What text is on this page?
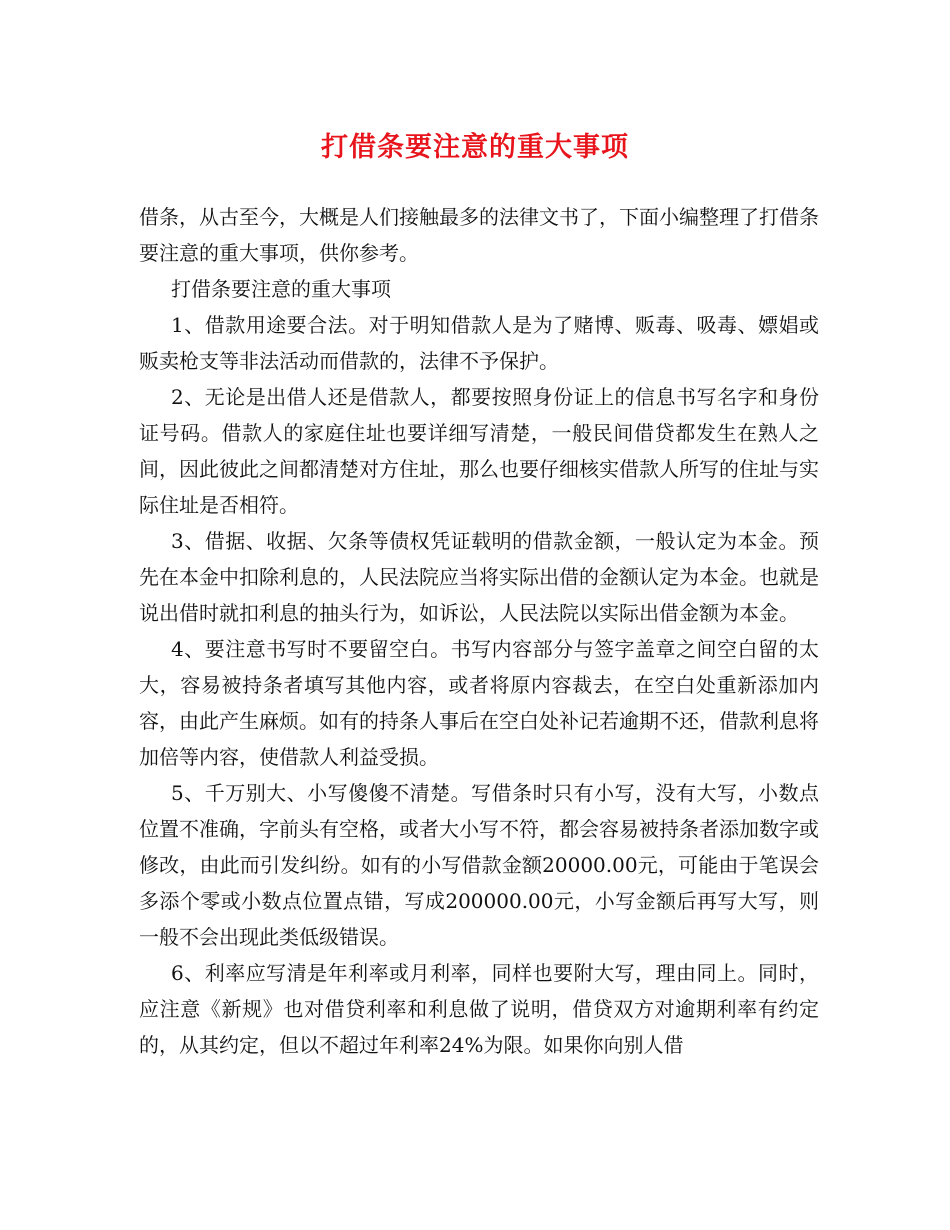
打借条要注意的重大事项

借条，从古至今，大概是人们接触最多的法律文书了，下面小编整理了打借条要注意的重大事项，供你参考。

打借条要注意的重大事项

1、借款用途要合法。对于明知借款人是为了赌博、贩毒、吸毒、嫖娼或贩卖枪支等非法活动而借款的，法律不予保护。

2、无论是出借人还是借款人，都要按照身份证上的信息书写名字和身份证号码。借款人的家庭住址也要详细写清楚，一般民间借贷都发生在熟人之间，因此彼此之间都清楚对方住址，那么也要仔细核实借款人所写的住址与实际住址是否相符。

3、借据、收据、欠条等债权凭证载明的借款金额，一般认定为本金。预先在本金中扣除利息的，人民法院应当将实际出借的金额认定为本金。也就是说出借时就扣利息的抽头行为，如诉讼，人民法院以实际出借金额为本金。

4、要注意书写时不要留空白。书写内容部分与签字盖章之间空白留的太大，容易被持条者填写其他内容，或者将原内容裁去，在空白处重新添加内容，由此产生麻烦。如有的持条人事后在空白处补记若逾期不还，借款利息将加倍等内容，使借款人利益受损。

5、千万别大、小写傻傻不清楚。写借条时只有小写，没有大写，小数点位置不准确，字前头有空格，或者大小写不符，都会容易被持条者添加数字或修改，由此而引发纠纷。如有的小写借款金额20000.00元，可能由于笔误会多添个零或小数点位置点错，写成200000.00元，小写金额后再写大写，则一般不会出现此类低级错误。

6、利率应写清是年利率或月利率，同样也要附大写，理由同上。同时，应注意《新规》也对借贷利率和利息做了说明，借贷双方对逾期利率有约定的，从其约定，但以不超过年利率24%为限。如果你向别人借
